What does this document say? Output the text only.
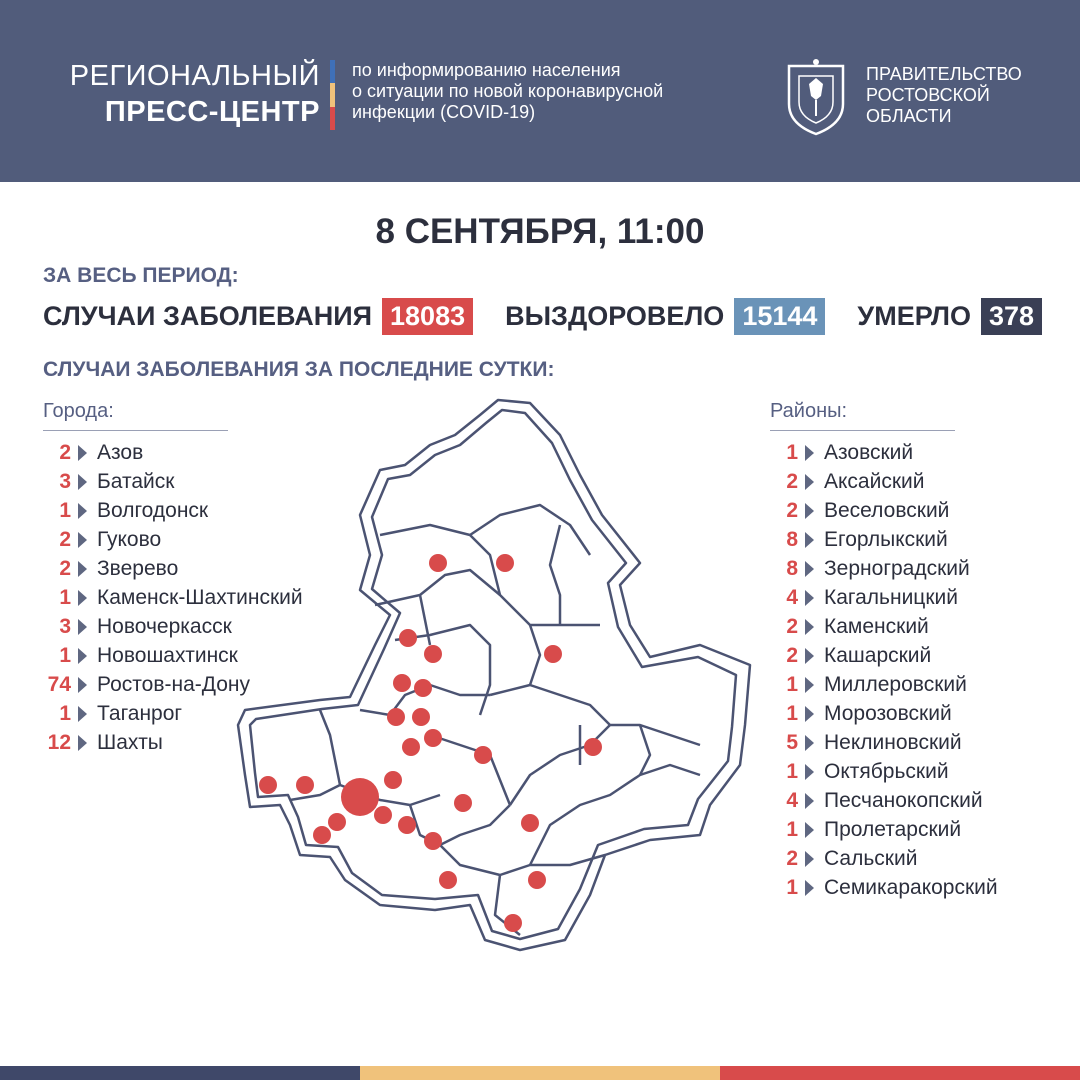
РЕГИОНАЛЬНЫЙ
ПРЕСС-ЦЕНТР
по информированию населения
о ситуации по новой коронавирусной
инфекции (COVID-19)
ПРАВИТЕЛЬСТВО
РОСТОВСКОЙ
ОБЛАСТИ
8 СЕНТЯБРЯ, 11:00
ЗА ВЕСЬ ПЕРИОД:
СЛУЧАИ ЗАБОЛЕВАНИЯ 18083 ВЫЗДОРОВЕЛО 15144 УМЕРЛО 378
СЛУЧАИ ЗАБОЛЕВАНИЯ ЗА ПОСЛЕДНИЕ СУТКИ:
Города:
2 Азов
3 Батайск
1 Волгодонск
2 Гуково
2 Зверево
1 Каменск-Шахтинский
3 Новочеркасск
1 Новошахтинск
74 Ростов-на-Дону
1 Таганрог
12 Шахты
Районы:
1 Азовский
2 Аксайский
2 Веселовский
8 Егорлыкский
8 Зерноградский
4 Кагальницкий
2 Каменский
2 Кашарский
1 Миллеровский
1 Морозовский
5 Неклиновский
1 Октябрьский
4 Песчанокопский
1 Пролетарский
2 Сальский
1 Семикаракорский
